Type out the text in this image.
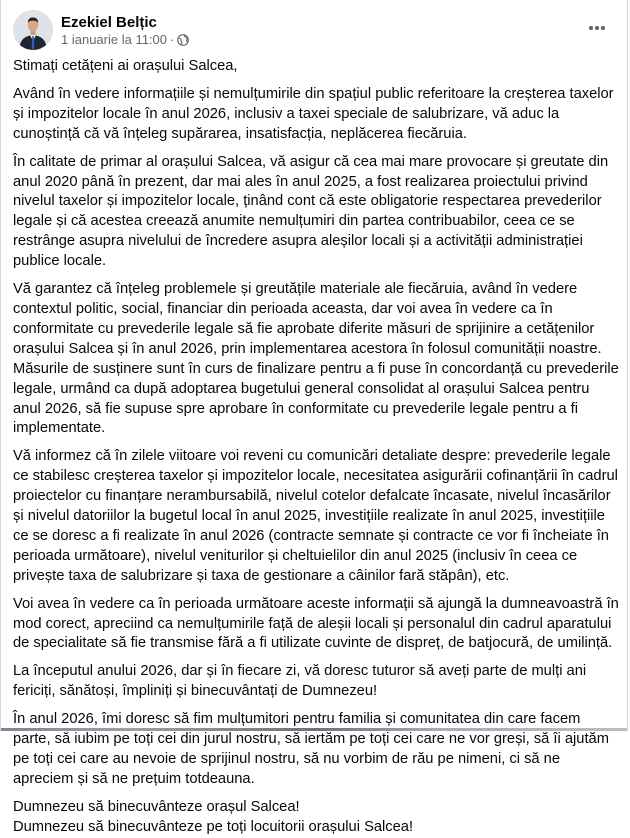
Ezekiel Belțic
1 ianuarie la 11:00 ·

Stimați cetățeni ai orașului Salcea,

Având în vedere informațiile și nemulțumirile din spațiul public referitoare la creșterea taxelor și impozitelor locale în anul 2026, inclusiv a taxei speciale de salubrizare, vă aduc la cunoștință că vă înțeleg supărarea, insatisfacția, neplăcerea fiecăruia.

În calitate de primar al orașului Salcea, vă asigur că cea mai mare provocare și greutate din anul 2020 până în prezent, dar mai ales în anul 2025, a fost realizarea proiectului privind nivelul taxelor și impozitelor locale, ținând cont că este obligatorie respectarea prevederilor legale și că acestea creează anumite nemulțumiri din partea contribuabilor, ceea ce se restrânge asupra nivelului de încredere asupra aleșilor locali și a activității administrației publice locale.

Vă garantez că înțeleg problemele și greutățile materiale ale fiecăruia, având în vedere contextul politic, social, financiar din perioada aceasta, dar voi avea în vedere ca în conformitate cu prevederile legale să fie aprobate diferite măsuri de sprijinire a cetățenilor orașului Salcea și în anul 2026, prin implementarea acestora în folosul comunității noastre. Măsurile de susținere sunt în curs de finalizare pentru a fi puse în concordanță cu prevederile legale, urmând ca după adoptarea bugetului general consolidat al orașului Salcea pentru anul 2026, să fie supuse spre aprobare în conformitate cu prevederile legale pentru a fi implementate.

Vă informez că în zilele viitoare voi reveni cu comunicări detaliate despre: prevederile legale ce stabilesc creșterea taxelor și impozitelor locale, necesitatea asigurării cofinanțării în cadrul proiectelor cu finanțare nerambursabilă, nivelul cotelor defalcate încasate, nivelul încasărilor și nivelul datoriilor la bugetul local în anul 2025, investițiile realizate în anul 2025, investițiile ce se doresc a fi realizate în anul 2026 (contracte semnate și contracte ce vor fi încheiate în perioada următoare), nivelul veniturilor și cheltuielilor din anul 2025 (inclusiv în ceea ce privește taxa de salubrizare și taxa de gestionare a câinilor fară stăpân), etc.

Voi avea în vedere ca în perioada următoare aceste informații să ajungă la dumneavoastră în mod corect, apreciind ca nemulțumirile față de aleșii locali și personalul din cadrul aparatului de specialitate să fie transmise fără a fi utilizate cuvinte de dispreț, de batjocură, de umilință.

La începutul anului 2026, dar și în fiecare zi, vă doresc tuturor să aveți parte de mulți ani fericiți, sănătoși, împliniți și binecuvântați de Dumnezeu!

În anul 2026, îmi doresc să fim mulțumitori pentru familia și comunitatea din care facem parte, să iubim pe toți cei din jurul nostru, să iertăm pe toți cei care ne vor greși, să îi ajutăm pe toți cei care au nevoie de sprijinul nostru, să nu vorbim de rău pe nimeni, ci să ne apreciem și să ne prețuim totdeauna.

Dumnezeu să binecuvânteze orașul Salcea!
Dumnezeu să binecuvânteze pe toți locuitorii orașului Salcea!
